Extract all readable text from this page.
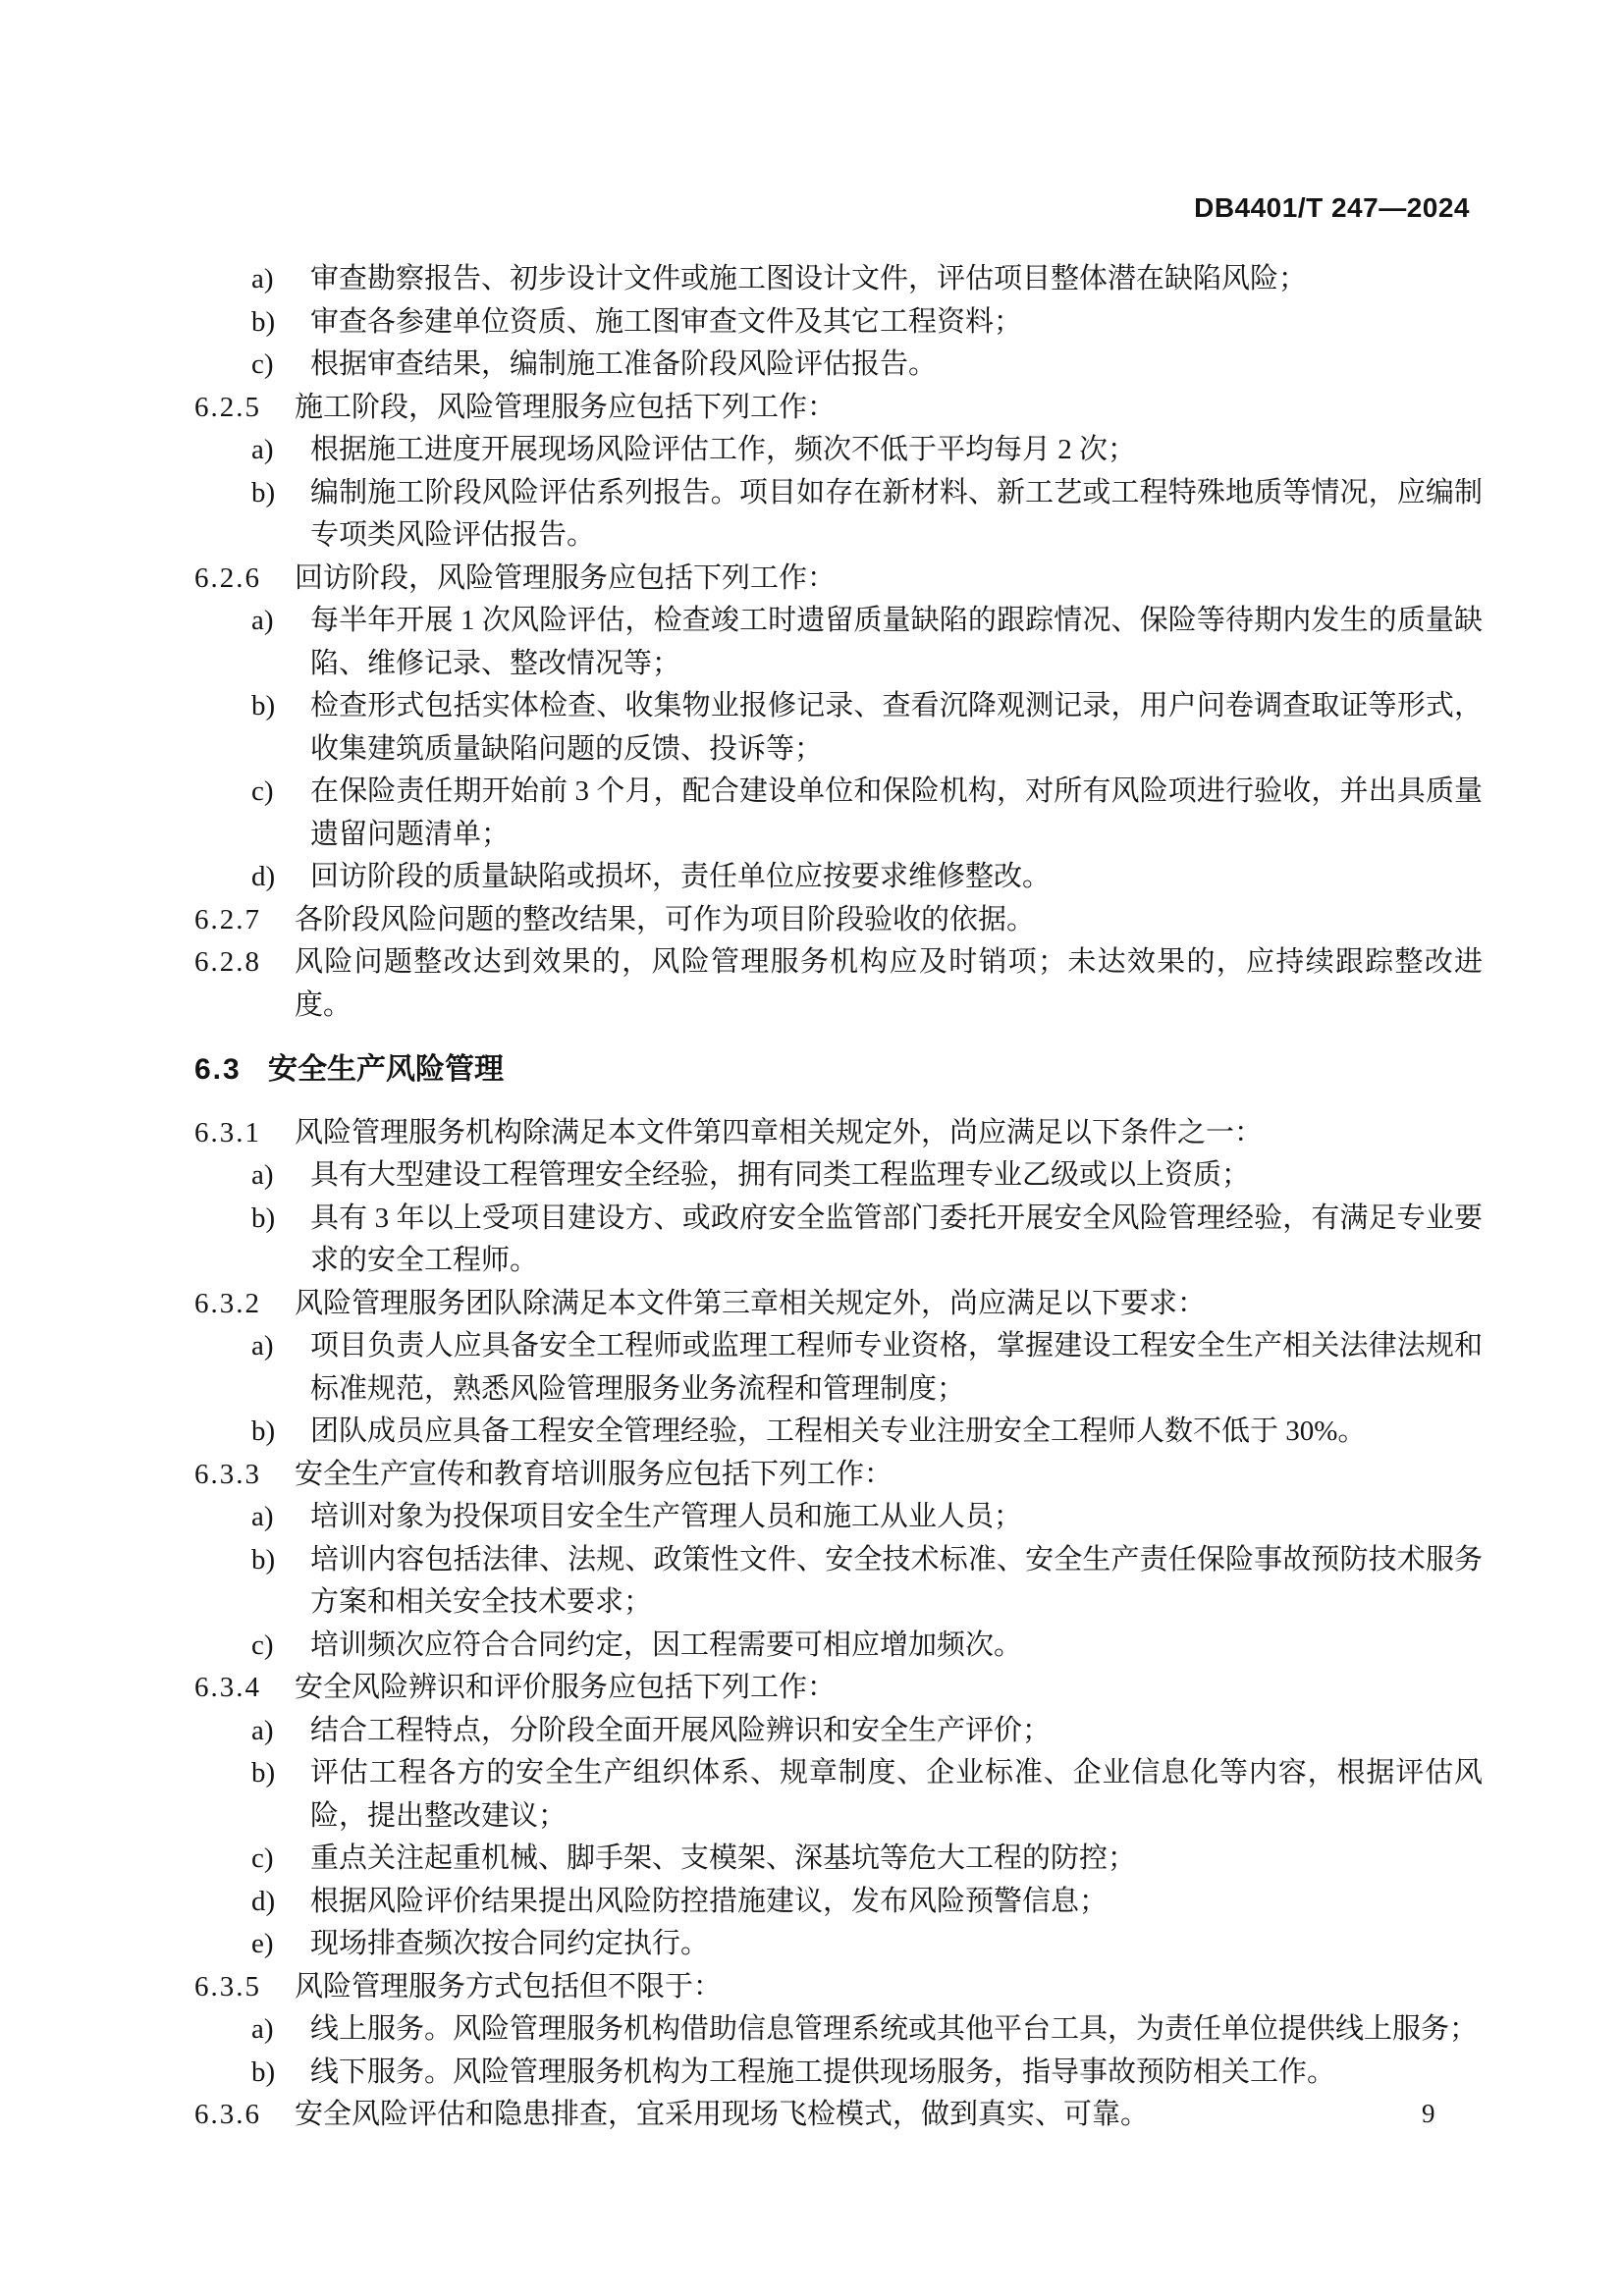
DB4401/T 247—2024
a)	审查勘察报告、初步设计文件或施工图设计文件，评估项目整体潜在缺陷风险；
b)	审查各参建单位资质、施工图审查文件及其它工程资料；
c)	根据审查结果，编制施工准备阶段风险评估报告。
6.2.5	施工阶段，风险管理服务应包括下列工作：
a)	根据施工进度开展现场风险评估工作，频次不低于平均每月 2 次；
b)	编制施工阶段风险评估系列报告。项目如存在新材料、新工艺或工程特殊地质等情况，应编制专项类风险评估报告。
6.2.6	回访阶段，风险管理服务应包括下列工作：
a)	每半年开展 1 次风险评估，检查竣工时遗留质量缺陷的跟踪情况、保险等待期内发生的质量缺陷、维修记录、整改情况等；
b)	检查形式包括实体检查、收集物业报修记录、查看沉降观测记录，用户问卷调查取证等形式，收集建筑质量缺陷问题的反馈、投诉等；
c)	在保险责任期开始前 3 个月，配合建设单位和保险机构，对所有风险项进行验收，并出具质量遗留问题清单；
d)	回访阶段的质量缺陷或损坏，责任单位应按要求维修整改。
6.2.7	各阶段风险问题的整改结果，可作为项目阶段验收的依据。
6.2.8	风险问题整改达到效果的，风险管理服务机构应及时销项；未达效果的，应持续跟踪整改进度。
6.3 安全生产风险管理
6.3.1	风险管理服务机构除满足本文件第四章相关规定外，尚应满足以下条件之一：
a)	具有大型建设工程管理安全经验，拥有同类工程监理专业乙级或以上资质；
b)	具有 3 年以上受项目建设方、或政府安全监管部门委托开展安全风险管理经验，有满足专业要求的安全工程师。
6.3.2	风险管理服务团队除满足本文件第三章相关规定外，尚应满足以下要求：
a)	项目负责人应具备安全工程师或监理工程师专业资格，掌握建设工程安全生产相关法律法规和标准规范，熟悉风险管理服务业务流程和管理制度；
b)	团队成员应具备工程安全管理经验，工程相关专业注册安全工程师人数不低于 30%。
6.3.3	安全生产宣传和教育培训服务应包括下列工作：
a)	培训对象为投保项目安全生产管理人员和施工从业人员；
b)	培训内容包括法律、法规、政策性文件、安全技术标准、安全生产责任保险事故预防技术服务方案和相关安全技术要求；
c)	培训频次应符合合同约定，因工程需要可相应增加频次。
6.3.4	安全风险辨识和评价服务应包括下列工作：
a)	结合工程特点，分阶段全面开展风险辨识和安全生产评价；
b)	评估工程各方的安全生产组织体系、规章制度、企业标准、企业信息化等内容，根据评估风险，提出整改建议；
c)	重点关注起重机械、脚手架、支模架、深基坑等危大工程的防控；
d)	根据风险评价结果提出风险防控措施建议，发布风险预警信息；
e)	现场排查频次按合同约定执行。
6.3.5	风险管理服务方式包括但不限于：
a)	线上服务。风险管理服务机构借助信息管理系统或其他平台工具，为责任单位提供线上服务；
b)	线下服务。风险管理服务机构为工程施工提供现场服务，指导事故预防相关工作。
6.3.6	安全风险评估和隐患排查，宜采用现场飞检模式，做到真实、可靠。	9
